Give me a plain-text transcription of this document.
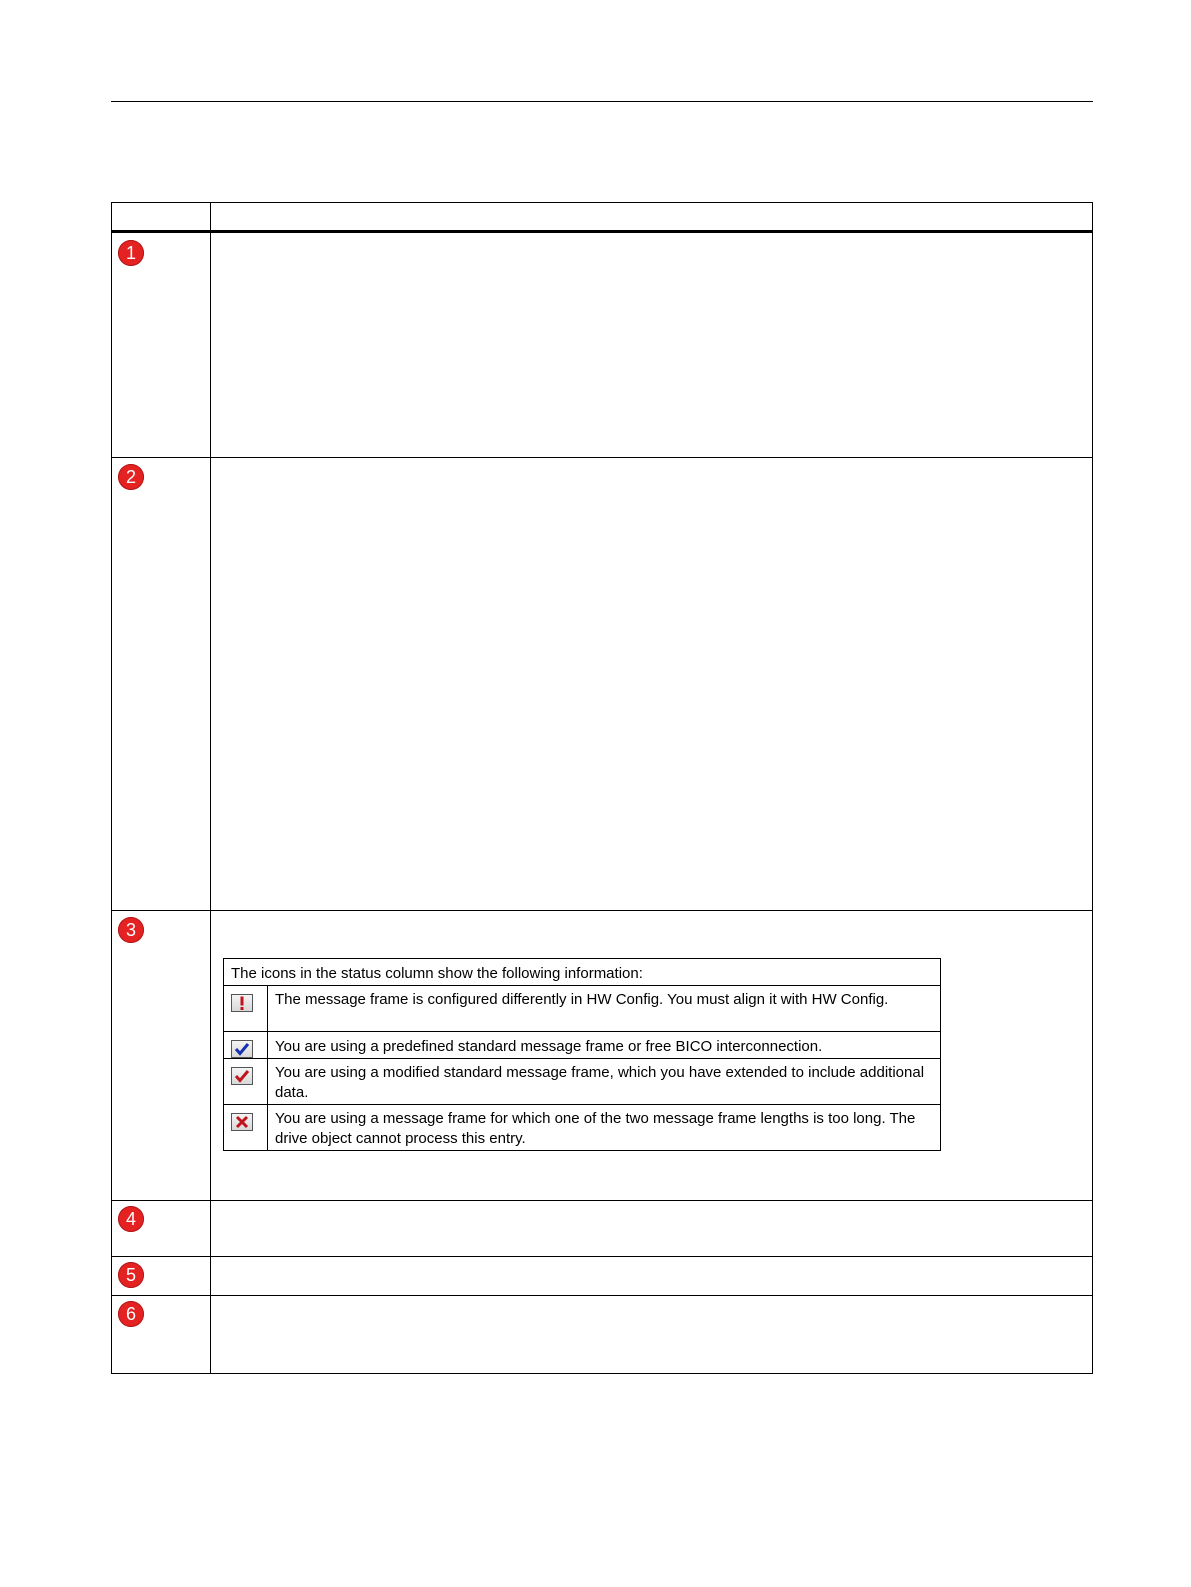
1
2
3
4
5
6
The icons in the status column show the following information:
The message frame is configured differently in HW Config. You must align it with HW Config.
You are using a predefined standard message frame or free BICO interconnection.
You are using a modified standard message frame, which you have extended to include additional data.
You are using a message frame for which one of the two message frame lengths is too long. The drive object cannot process this entry.
